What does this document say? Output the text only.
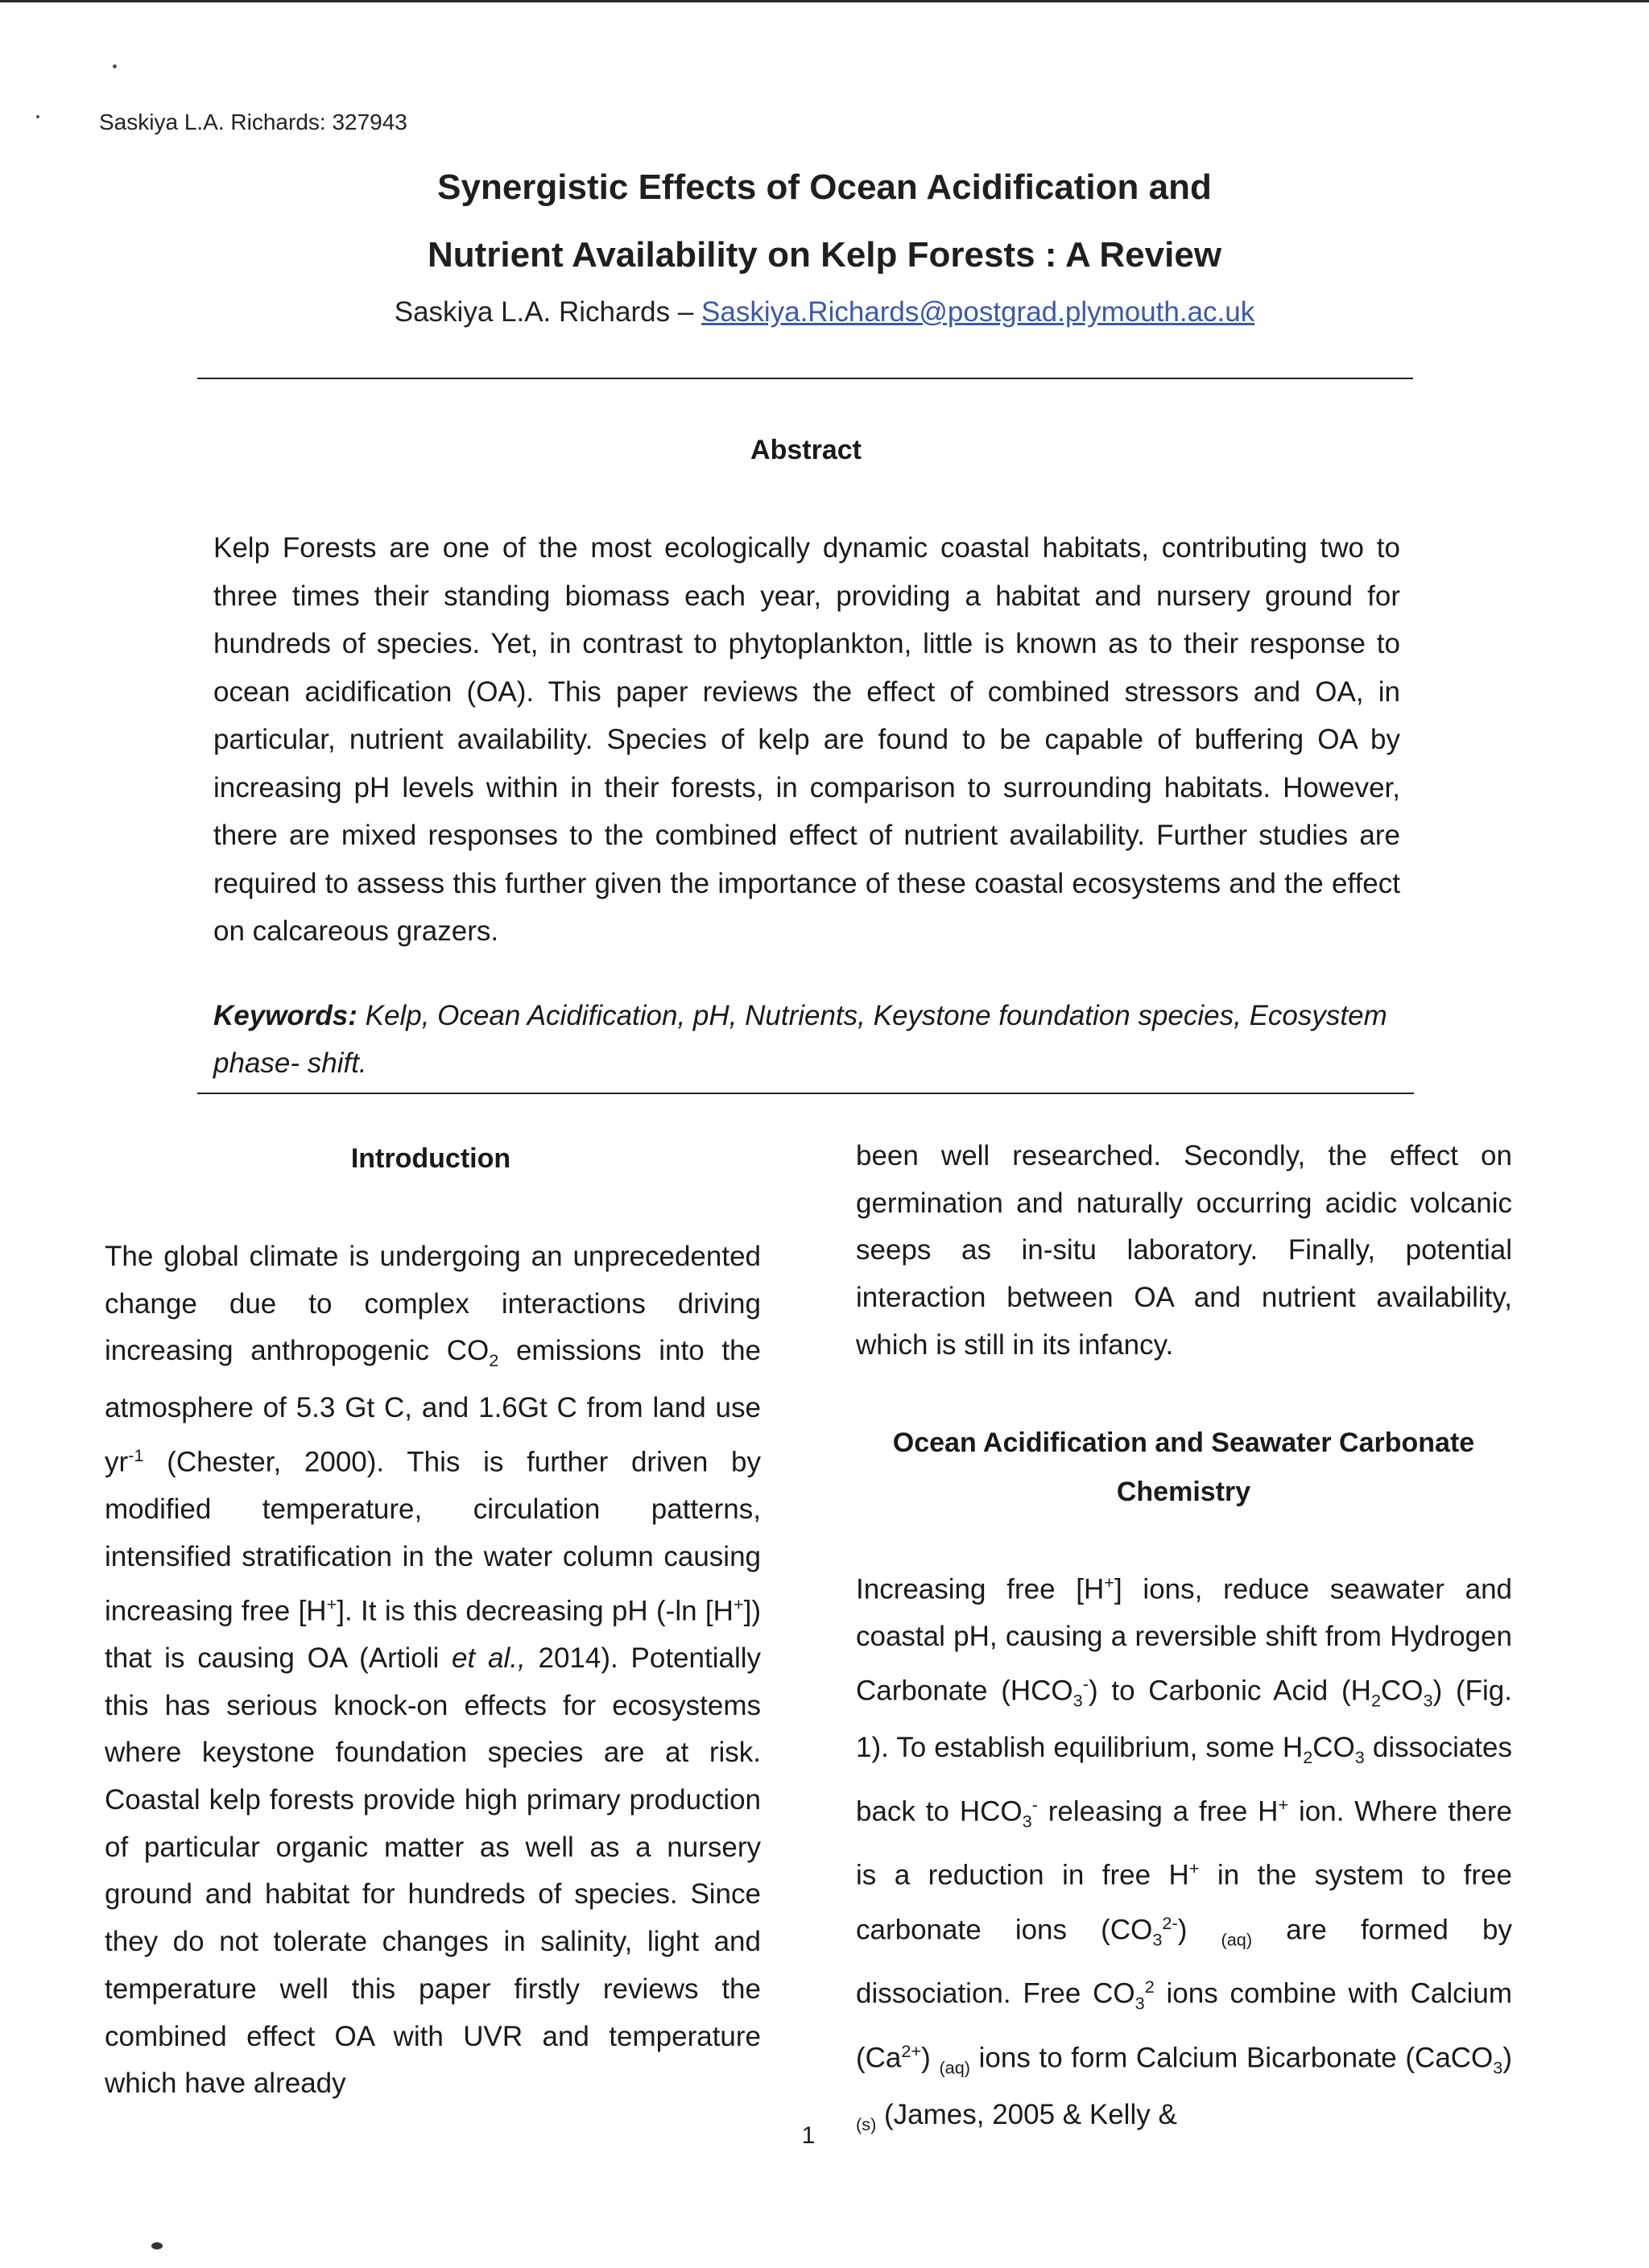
Saskiya L.A. Richards: 327943
Synergistic Effects of Ocean Acidification and
Nutrient Availability on Kelp Forests : A Review
Saskiya L.A. Richards – Saskiya.Richards@postgrad.plymouth.ac.uk
Abstract
Kelp Forests are one of the most ecologically dynamic coastal habitats, contributing two to three times their standing biomass each year, providing a habitat and nursery ground for hundreds of species. Yet, in contrast to phytoplankton, little is known as to their response to ocean acidification (OA). This paper reviews the effect of combined stressors and OA, in particular, nutrient availability. Species of kelp are found to be capable of buffering OA by increasing pH levels within in their forests, in comparison to surrounding habitats. However, there are mixed responses to the combined effect of nutrient availability. Further studies are required to assess this further given the importance of these coastal ecosystems and the effect on calcareous grazers.
Keywords: Kelp, Ocean Acidification, pH, Nutrients, Keystone foundation species, Ecosystem phase- shift.
Introduction
The global climate is undergoing an unprecedented change due to complex interactions driving increasing anthropogenic $CO_2$ emissions into the atmosphere of 5.3 Gt C, and 1.6Gt C from land use $yr^{-1}$ (Chester, 2000). This is further driven by modified temperature, circulation patterns, intensified stratification in the water column causing increasing free [H+]. It is this decreasing pH (-ln [H+]) that is causing OA (Artioli et al., 2014). Potentially this has serious knock-on effects for ecosystems where keystone foundation species are at risk. Coastal kelp forests provide high primary production of particular organic matter as well as a nursery ground and habitat for hundreds of species. Since they do not tolerate changes in salinity, light and temperature well this paper firstly reviews the combined effect OA with UVR and temperature which have already
been well researched. Secondly, the effect on germination and naturally occurring acidic volcanic seeps as in-situ laboratory. Finally, potential interaction between OA and nutrient availability, which is still in its infancy.
Ocean Acidification and Seawater Carbonate
Chemistry
Increasing free [H+] ions, reduce seawater and coastal pH, causing a reversible shift from Hydrogen Carbonate $(HCO_3^-)$ to Carbonic Acid $(H_2CO_3)$ (Fig. 1). To establish equilibrium, some $H_2CO_3$ dissociates back to $HCO_3^-$ releasing a free H+ ion. Where there is a reduction in free H+ in the system to free carbonate ions $(CO_3^{2-})$ $_{(aq)}$ are formed by dissociation. Free $CO_3^2$ ions combine with Calcium $(Ca^{2+})$ $_{(aq)}$ ions to form Calcium Bicarbonate (CaCO$_3$) $_{(s)}$ (James, 2005 & Kelly &
1
